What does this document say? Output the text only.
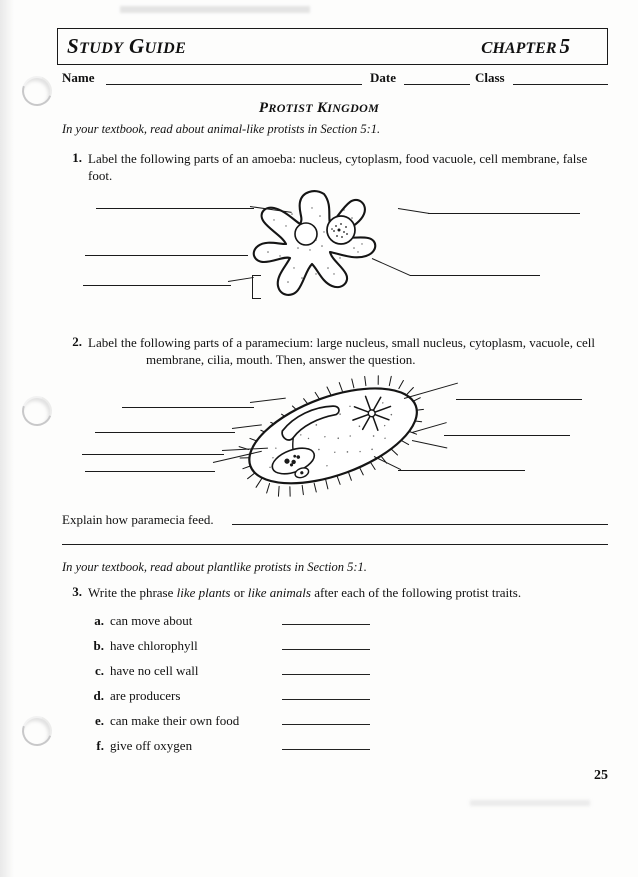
STUDY GUIDE	CHAPTER 5
Name	Date	Class
PROTIST KINGDOM
In your textbook, read about animal-like protists in Section 5:1.
1. Label the following parts of an amoeba: nucleus, cytoplasm, food vacuole, cell membrane, false
foot.
2. Label the following parts of a paramecium: large nucleus, small nucleus, cytoplasm, vacuole, cell
membrane, cilia, mouth. Then, answer the question.
Explain how paramecia feed.
In your textbook, read about plantlike protists in Section 5:1.
3. Write the phrase like plants or like animals after each of the following protist traits.
a. can move about
b. have chlorophyll
c. have no cell wall
d. are producers
e. can make their own food
f. give off oxygen
25
